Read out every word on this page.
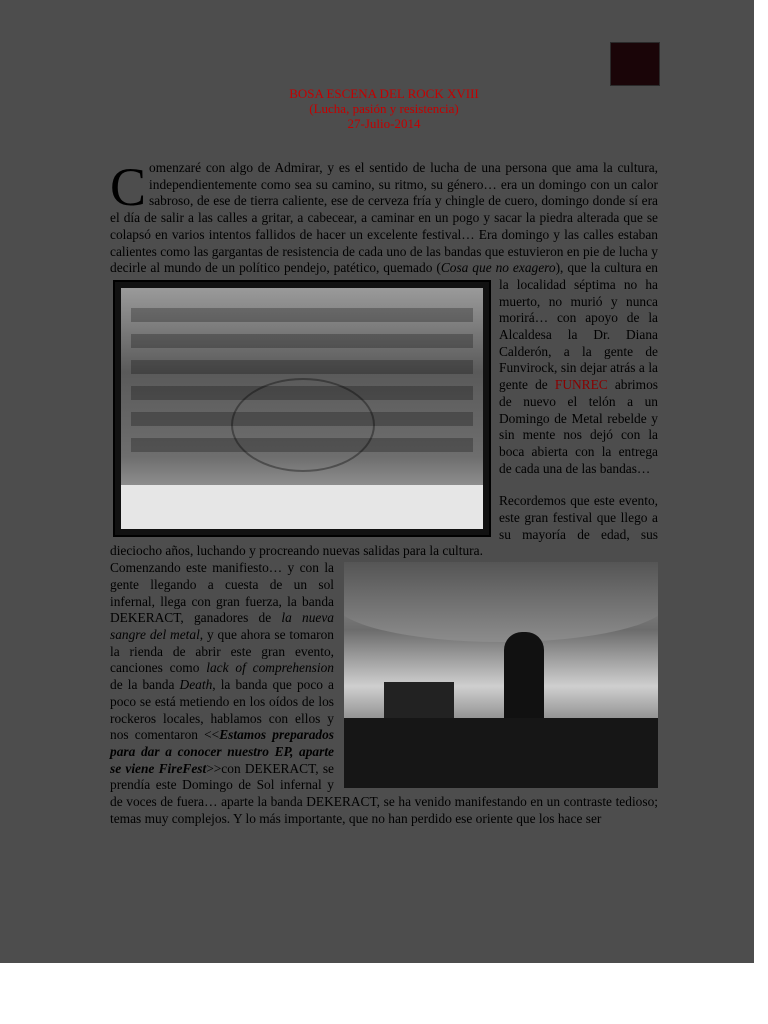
BOSA ESCENA DEL ROCK XVIII
(Lucha, pasión y resistencia)
27-Julio-2014

Comenzaré con algo de Admirar, y es el sentido de lucha de una persona que ama la cultura, independientemente como sea su camino, su ritmo, su género… era un domingo con un calor sabroso, de ese de tierra caliente, ese de cerveza fría y chingle de cuero, domingo donde sí era el día de salir a las calles a gritar, a cabecear, a caminar en un pogo y sacar la piedra alterada que se colapsó en varios intentos fallidos de hacer un excelente festival… Era domingo y las calles estaban calientes como las gargantas de resistencia de cada uno de las bandas que estuvieron en pie de lucha y decirle al mundo de un político pendejo, patético, quemado (Cosa que no exagero
), que la cultura en la localidad séptima no ha muerto, no murió y nunca morirá… con apoyo de la Alcaldesa la Dr. Diana Calderón, a la gente de Funvirock, sin dejar atrás a la gente de FUNREC abrimos de nuevo el telón a un Domingo de Metal rebelde y sin mente nos dejó con la boca abierta con la entrega de cada una de las bandas…

Recordemos que este evento, este gran festival que llego a su mayoría de edad, sus dieciocho años, luchando y procreando nuevas salidas para la cultura.

Comenzando este manifiesto… y con la gente llegando a cuesta de un sol infernal, llega con gran fuerza, la banda DEKERACT, ganadores de la nueva sangre del metal, y que ahora se tomaron la rienda de abrir este gran evento, canciones como lack of comprehension de la banda Death, la banda que poco a poco se está metiendo en los oídos de los rockeros locales, hablamos con ellos y nos comentaron <<Estamos preparados para dar a conocer nuestro EP, aparte se viene FireFest>>con DEKERACT, se prendía este Domingo de Sol infernal y de voces de fuera… aparte la banda DEKERACT, se ha venido manifestando en un contraste tedioso; temas muy complejos. Y lo más importante, que no han perdido ese oriente que los hace ser
